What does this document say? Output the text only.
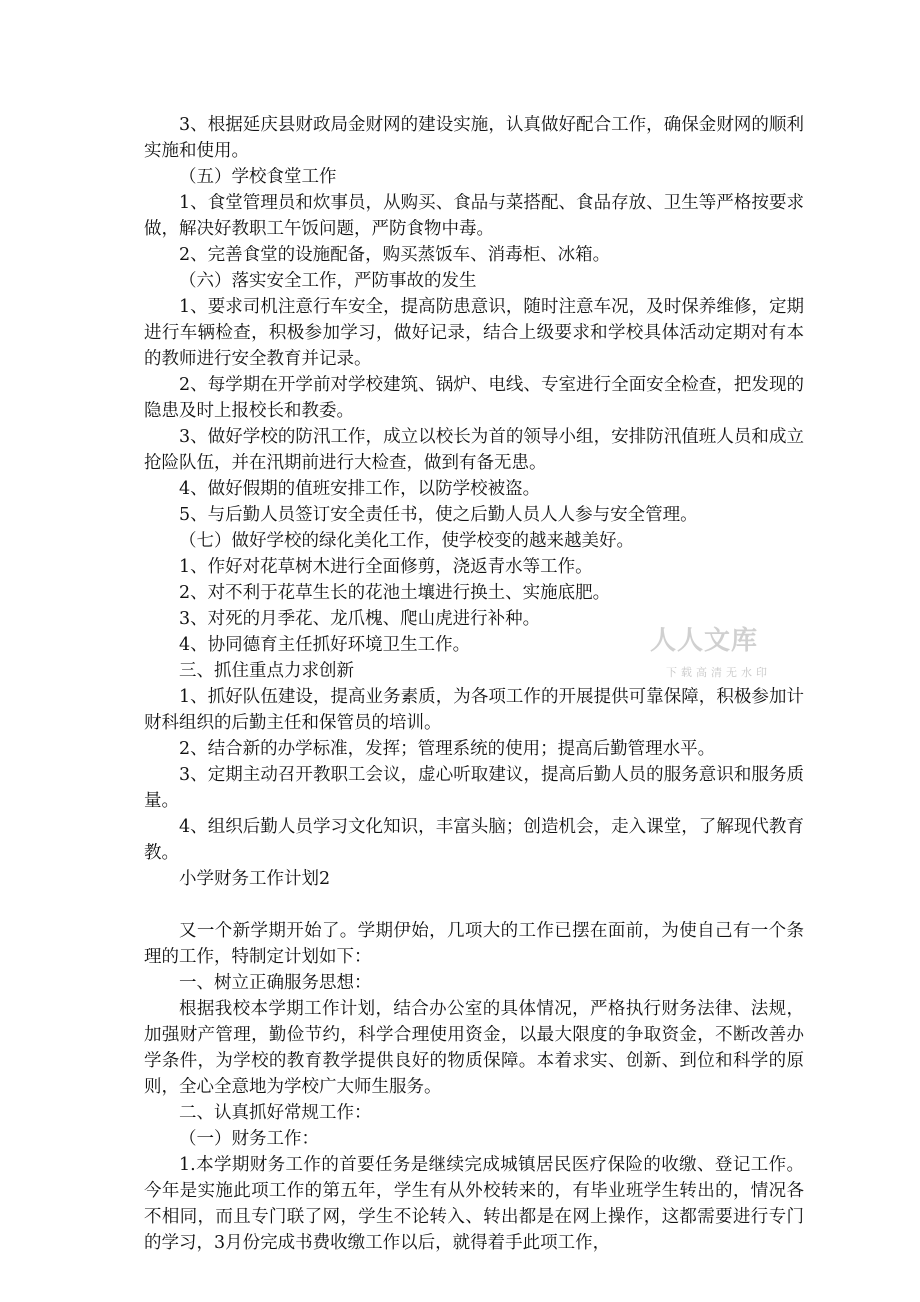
3、根据延庆县财政局金财网的建设实施，认真做好配合工作，确保金财网的顺利实施和使用。

（五）学校食堂工作

1、食堂管理员和炊事员，从购买、食品与菜搭配、食品存放、卫生等严格按要求做，解决好教职工午饭问题，严防食物中毒。

2、完善食堂的设施配备，购买蒸饭车、消毒柜、冰箱。

（六）落实安全工作，严防事故的发生

1、要求司机注意行车安全，提高防患意识，随时注意车况，及时保养维修，定期进行车辆检查，积极参加学习，做好记录，结合上级要求和学校具体活动定期对有本的教师进行安全教育并记录。

2、每学期在开学前对学校建筑、锅炉、电线、专室进行全面安全检查，把发现的隐患及时上报校长和教委。

3、做好学校的防汛工作，成立以校长为首的领导小组，安排防汛值班人员和成立抢险队伍，并在汛期前进行大检查，做到有备无患。

4、做好假期的值班安排工作，以防学校被盗。

5、与后勤人员签订安全责任书，使之后勤人员人人参与安全管理。

（七）做好学校的绿化美化工作，使学校变的越来越美好。

1、作好对花草树木进行全面修剪，浇返青水等工作。

2、对不利于花草生长的花池土壤进行换土、实施底肥。

3、对死的月季花、龙爪槐、爬山虎进行补种。

4、协同德育主任抓好环境卫生工作。

三、抓住重点力求创新

1、抓好队伍建设，提高业务素质，为各项工作的开展提供可靠保障，积极参加计财科组织的后勤主任和保管员的培训。

2、结合新的办学标准，发挥；管理系统的使用；提高后勤管理水平。

3、定期主动召开教职工会议，虚心听取建议，提高后勤人员的服务意识和服务质量。

4、组织后勤人员学习文化知识，丰富头脑；创造机会，走入课堂，了解现代教育教。

小学财务工作计划2

又一个新学期开始了。学期伊始，几项大的工作已摆在面前，为使自己有一个条理的工作，特制定计划如下：

一、树立正确服务思想：

根据我校本学期工作计划，结合办公室的具体情况，严格执行财务法律、法规，加强财产管理，勤俭节约，科学合理使用资金，以最大限度的争取资金，不断改善办学条件，为学校的教育教学提供良好的物质保障。本着求实、创新、到位和科学的原则，全心全意地为学校广大师生服务。

二、认真抓好常规工作：

（一）财务工作：

1.本学期财务工作的首要任务是继续完成城镇居民医疗保险的收缴、登记工作。今年是实施此项工作的第五年，学生有从外校转来的，有毕业班学生转出的，情况各不相同，而且专门联了网，学生不论转入、转出都是在网上操作，这都需要进行专门的学习，3月份完成书费收缴工作以后，就得着手此项工作，

人人文库
下载高清无水印
